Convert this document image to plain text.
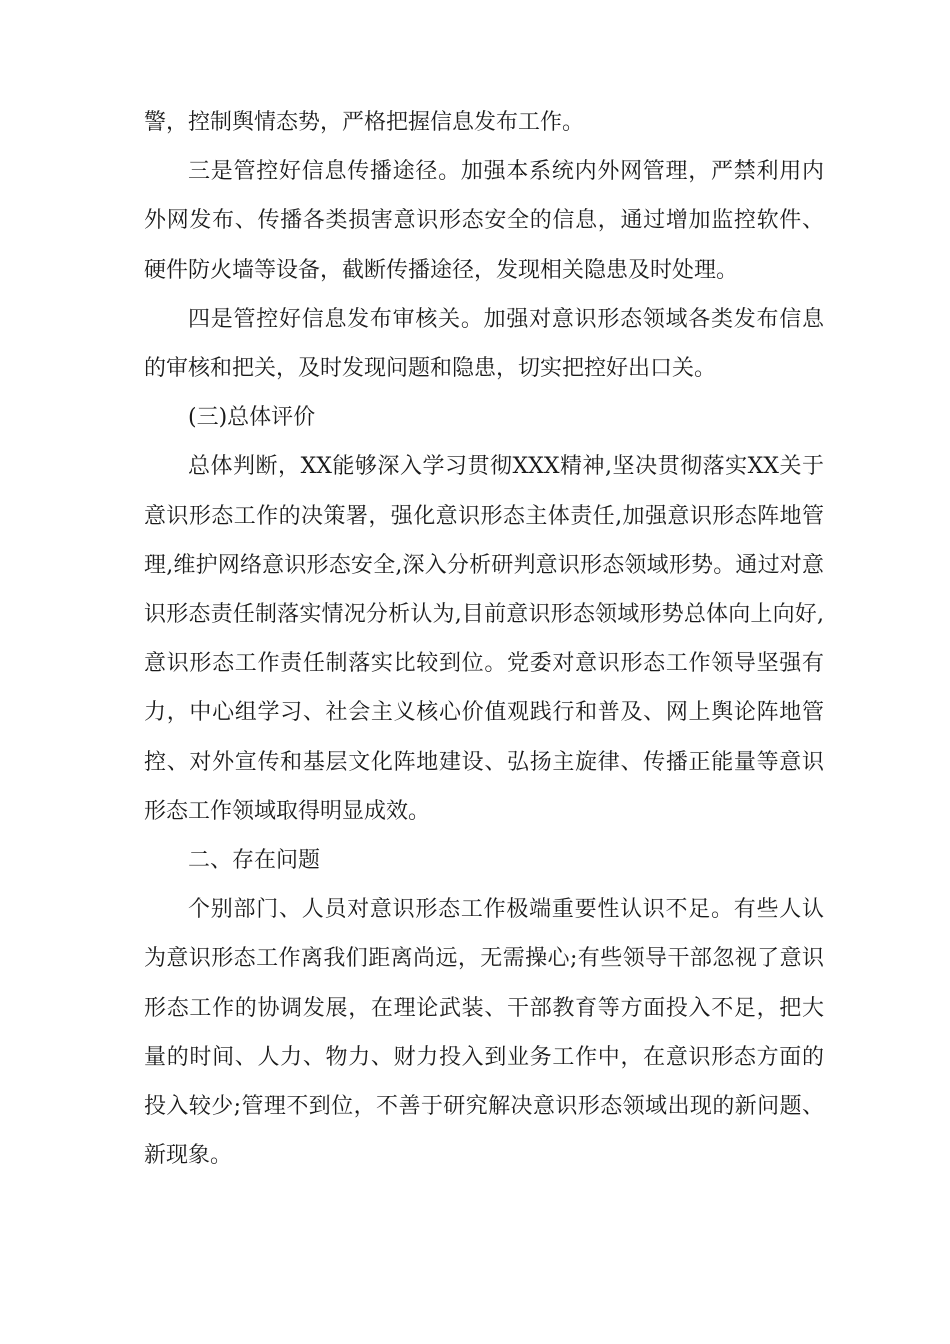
警，控制舆情态势，严格把握信息发布工作。

三是管控好信息传播途径。加强本系统内外网管理，严禁利用内外网发布、传播各类损害意识形态安全的信息，通过增加监控软件、硬件防火墙等设备，截断传播途径，发现相关隐患及时处理。

四是管控好信息发布审核关。加强对意识形态领域各类发布信息的审核和把关，及时发现问题和隐患，切实把控好出口关。

(三)总体评价

总体判断，XX能够深入学习贯彻XXX精神,坚决贯彻落实XX关于意识形态工作的决策署，强化意识形态主体责任,加强意识形态阵地管理,维护网络意识形态安全,深入分析研判意识形态领域形势。通过对意识形态责任制落实情况分析认为,目前意识形态领域形势总体向上向好,意识形态工作责任制落实比较到位。党委对意识形态工作领导坚强有力，中心组学习、社会主义核心价值观践行和普及、网上舆论阵地管控、对外宣传和基层文化阵地建设、弘扬主旋律、传播正能量等意识形态工作领域取得明显成效。

二、存在问题

个别部门、人员对意识形态工作极端重要性认识不足。有些人认为意识形态工作离我们距离尚远，无需操心;有些领导干部忽视了意识形态工作的协调发展，在理论武装、干部教育等方面投入不足，把大量的时间、人力、物力、财力投入到业务工作中，在意识形态方面的投入较少;管理不到位，不善于研究解决意识形态领域出现的新问题、新现象。
